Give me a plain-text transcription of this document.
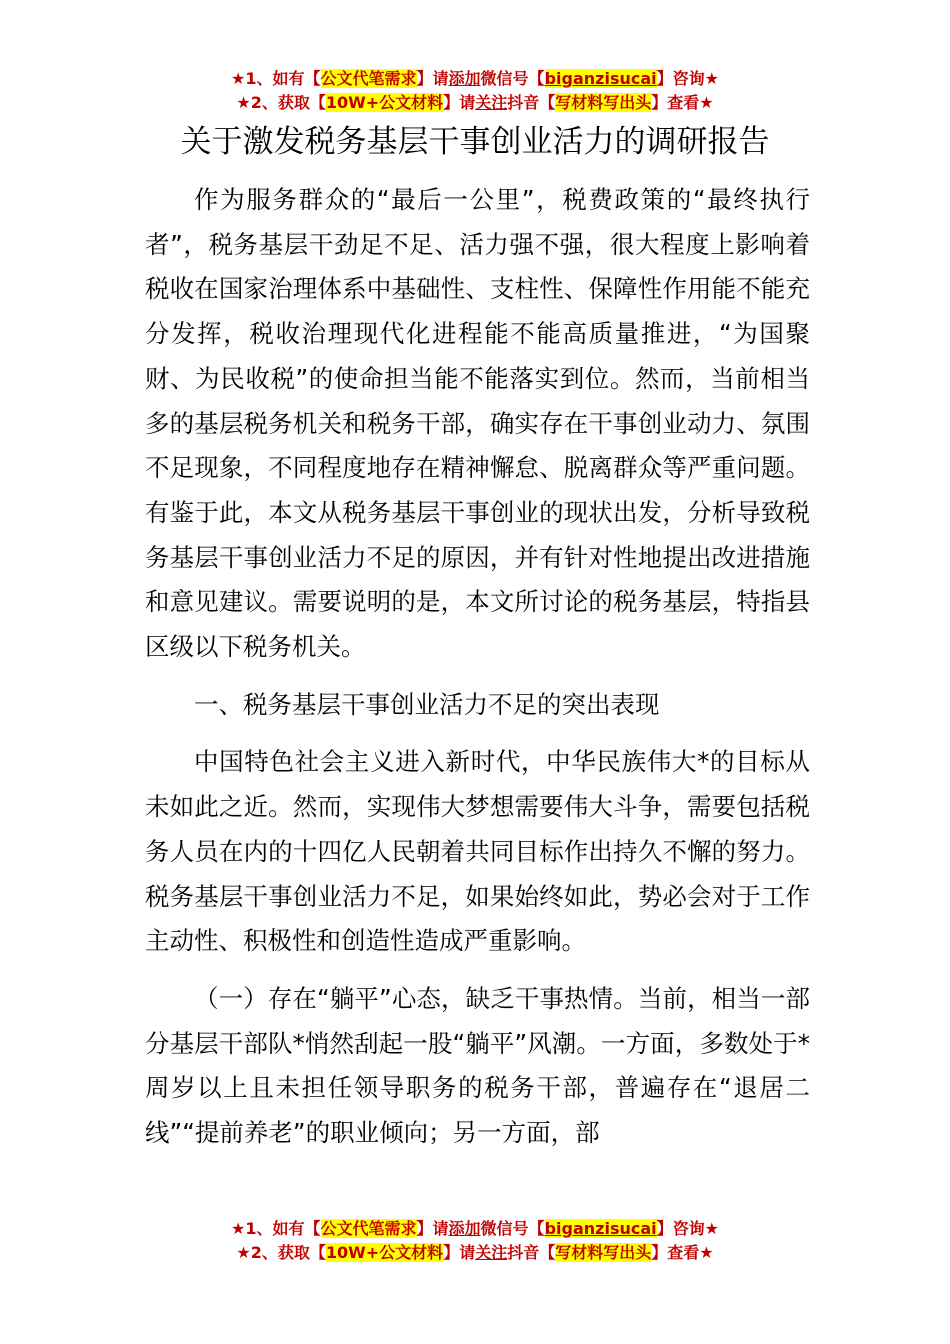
★1、如有【公文代笔需求】请添加微信号【biganzisucai】咨询★
★2、获取【10W+公文材料】请关注抖音【写材料写出头】查看★
关于激发税务基层干事创业活力的调研报告

作为服务群众的“最后一公里”，税费政策的“最终执行者”，税务基层干劲足不足、活力强不强，很大程度上影响着税收在国家治理体系中基础性、支柱性、保障性作用能不能充分发挥，税收治理现代化进程能不能高质量推进，“为国聚财、为民收税”的使命担当能不能落实到位。然而，当前相当多的基层税务机关和税务干部，确实存在干事创业动力、氛围不足现象，不同程度地存在精神懈怠、脱离群众等严重问题。有鉴于此，本文从税务基层干事创业的现状出发，分析导致税务基层干事创业活力不足的原因，并有针对性地提出改进措施和意见建议。需要说明的是，本文所讨论的税务基层，特指县区级以下税务机关。

一、税务基层干事创业活力不足的突出表现

中国特色社会主义进入新时代，中华民族伟大*的目标从未如此之近。然而，实现伟大梦想需要伟大斗争，需要包括税务人员在内的十四亿人民朝着共同目标作出持久不懈的努力。税务基层干事创业活力不足，如果始终如此，势必会对于工作主动性、积极性和创造性造成严重影响。

（一）存在“躺平”心态，缺乏干事热情。当前，相当一部分基层干部队*悄然刮起一股“躺平”风潮。一方面，多数处于*周岁以上且未担任领导职务的税务干部，普遍存在“退居二线”“提前养老”的职业倾向；另一方面，部

★1、如有【公文代笔需求】请添加微信号【biganzisucai】咨询★
★2、获取【10W+公文材料】请关注抖音【写材料写出头】查看★
